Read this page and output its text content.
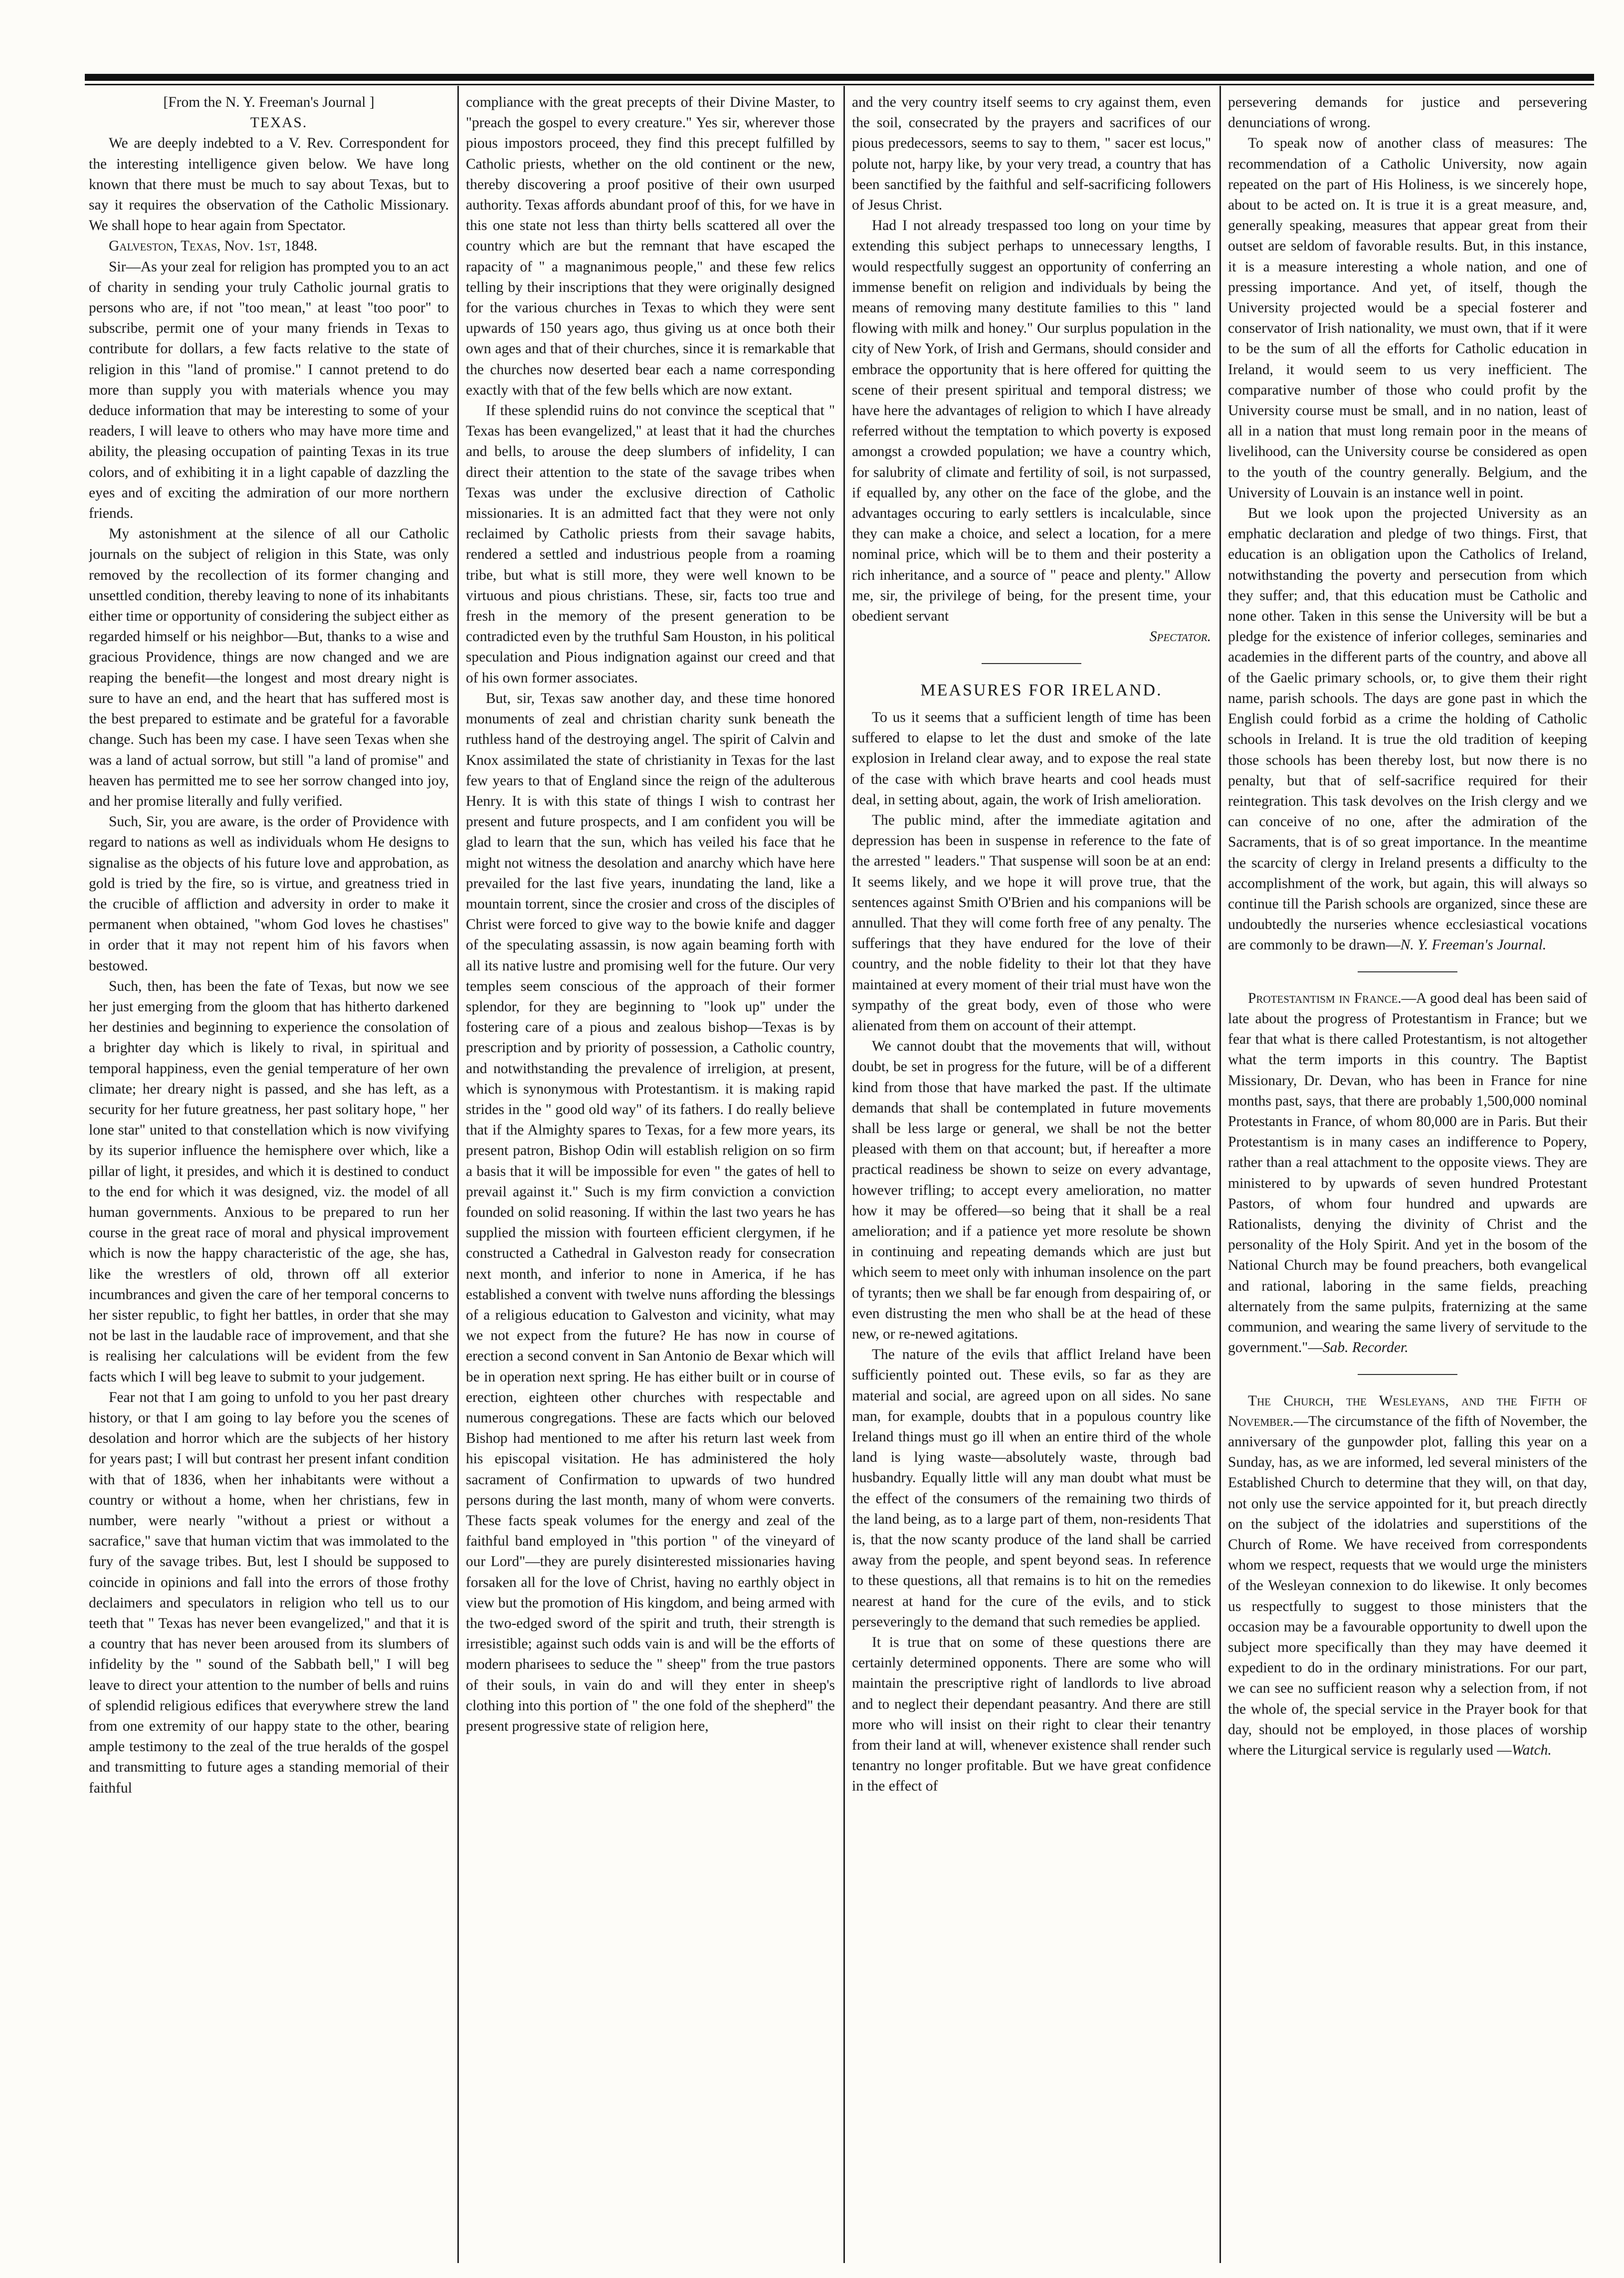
[From the N. Y. Freeman's Journal ]

TEXAS.

We are deeply indebted to a V. Rev. Correspondent for the interesting intelligence given below. We have long known that there must be much to say about Texas, but to say it requires the observation of the Catholic Missionary. We shall hope to hear again from Spectator.

Galveston, Texas, Nov. 1st, 1848.

Sir—As your zeal for religion has prompted you to an act of charity in sending your truly Catholic journal gratis to persons who are, if not "too mean," at least "too poor" to subscribe, permit one of your many friends in Texas to contribute for dollars, a few facts relative to the state of religion in this "land of promise." I cannot pretend to do more than supply you with materials whence you may deduce information that may be interesting to some of your readers, I will leave to others who may have more time and ability, the pleasing occupation of painting Texas in its true colors, and of exhibiting it in a light capable of dazzling the eyes and of exciting the admiration of our more northern friends.

My astonishment at the silence of all our Catholic journals on the subject of religion in this State, was only removed by the recollection of its former changing and unsettled condition, thereby leaving to none of its inhabitants either time or opportunity of considering the subject either as regarded himself or his neighbor—But, thanks to a wise and gracious Providence, things are now changed and we are reaping the benefit—the longest and most dreary night is sure to have an end, and the heart that has suffered most is the best prepared to estimate and be grateful for a favorable change. Such has been my case. I have seen Texas when she was a land of actual sorrow, but still "a land of promise" and heaven has permitted me to see her sorrow changed into joy, and her promise literally and fully verified.

Such, Sir, you are aware, is the order of Providence with regard to nations as well as individuals whom He designs to signalise as the objects of his future love and approbation, as gold is tried by the fire, so is virtue, and greatness tried in the crucible of affliction and adversity in order to make it permanent when obtained, "whom God loves he chastises" in order that it may not repent him of his favors when bestowed.

Such, then, has been the fate of Texas, but now we see her just emerging from the gloom that has hitherto darkened her destinies and beginning to experience the consolation of a brighter day which is likely to rival, in spiritual and temporal happiness, even the genial temperature of her own climate; her dreary night is passed, and she has left, as a security for her future greatness, her past solitary hope, " her lone star" united to that constellation which is now vivifying by its superior influence the hemisphere over which, like a pillar of light, it presides, and which it is destined to conduct to the end for which it was designed, viz. the model of all human governments. Anxious to be prepared to run her course in the great race of moral and physical improvement which is now the happy characteristic of the age, she has, like the wrestlers of old, thrown off all exterior incumbrances and given the care of her temporal concerns to her sister republic, to fight her battles, in order that she may not be last in the laudable race of improvement, and that she is realising her calculations will be evident from the few facts which I will beg leave to submit to your judgement.

Fear not that I am going to unfold to you her past dreary history, or that I am going to lay before you the scenes of desolation and horror which are the subjects of her history for years past; I will but contrast her present infant condition with that of 1836, when her inhabitants were without a country or without a home, when her christians, few in number, were nearly "without a priest or without a sacrafice," save that human victim that was immolated to the fury of the savage tribes. But, lest I should be supposed to coincide in opinions and fall into the errors of those frothy declaimers and speculators in religion who tell us to our teeth that " Texas has never been evangelized," and that it is a country that has never been aroused from its slumbers of infidelity by the " sound of the Sabbath bell," I will beg leave to direct your attention to the number of bells and ruins of splendid religious edifices that everywhere strew the land from one extremity of our happy state to the other, bearing ample testimony to the zeal of the true heralds of the gospel and transmitting to future ages a standing memorial of their faithful

compliance with the great precepts of their Divine Master, to "preach the gospel to every creature." Yes sir, wherever those pious impostors proceed, they find this precept fulfilled by Catholic priests, whether on the old continent or the new, thereby discovering a proof positive of their own usurped authority. Texas affords abundant proof of this, for we have in this one state not less than thirty bells scattered all over the country which are but the remnant that have escaped the rapacity of " a magnanimous people," and these few relics telling by their inscriptions that they were originally designed for the various churches in Texas to which they were sent upwards of 150 years ago, thus giving us at once both their own ages and that of their churches, since it is remarkable that the churches now deserted bear each a name corresponding exactly with that of the few bells which are now extant.

If these splendid ruins do not convince the sceptical that " Texas has been evangelized," at least that it had the churches and bells, to arouse the deep slumbers of infidelity, I can direct their attention to the state of the savage tribes when Texas was under the exclusive direction of Catholic missionaries. It is an admitted fact that they were not only reclaimed by Catholic priests from their savage habits, rendered a settled and industrious people from a roaming tribe, but what is still more, they were well known to be virtuous and pious christians. These, sir, facts too true and fresh in the memory of the present generation to be contradicted even by the truthful Sam Houston, in his political speculation and Pious indignation against our creed and that of his own former associates.

But, sir, Texas saw another day, and these time honored monuments of zeal and christian charity sunk beneath the ruthless hand of the destroying angel. The spirit of Calvin and Knox assimilated the state of christianity in Texas for the last few years to that of England since the reign of the adulterous Henry. It is with this state of things I wish to contrast her present and future prospects, and I am confident you will be glad to learn that the sun, which has veiled his face that he might not witness the desolation and anarchy which have here prevailed for the last five years, inundating the land, like a mountain torrent, since the crosier and cross of the disciples of Christ were forced to give way to the bowie knife and dagger of the speculating assassin, is now again beaming forth with all its native lustre and promising well for the future. Our very temples seem conscious of the approach of their former splendor, for they are beginning to "look up" under the fostering care of a pious and zealous bishop—Texas is by prescription and by priority of possession, a Catholic country, and notwithstanding the prevalence of irreligion, at present, which is synonymous with Protestantism. it is making rapid strides in the " good old way" of its fathers. I do really believe that if the Almighty spares to Texas, for a few more years, its present patron, Bishop Odin will establish religion on so firm a basis that it will be impossible for even " the gates of hell to prevail against it." Such is my firm conviction a conviction founded on solid reasoning. If within the last two years he has supplied the mission with fourteen efficient clergymen, if he constructed a Cathedral in Galveston ready for consecration next month, and inferior to none in America, if he has established a convent with twelve nuns affording the blessings of a religious education to Galveston and vicinity, what may we not expect from the future? He has now in course of erection a second convent in San Antonio de Bexar which will be in operation next spring. He has either built or in course of erection, eighteen other churches with respectable and numerous congregations. These are facts which our beloved Bishop had mentioned to me after his return last week from his episcopal visitation. He has administered the holy sacrament of Confirmation to upwards of two hundred persons during the last month, many of whom were converts. These facts speak volumes for the energy and zeal of the faithful band employed in "this portion " of the vineyard of our Lord"—they are purely disinterested missionaries having forsaken all for the love of Christ, having no earthly object in view but the promotion of His kingdom, and being armed with the two-edged sword of the spirit and truth, their strength is irresistible; against such odds vain is and will be the efforts of modern pharisees to seduce the " sheep" from the true pastors of their souls, in vain do and will they enter in sheep's clothing into this portion of " the one fold of the shepherd" the present progressive state of religion here,

and the very country itself seems to cry against them, even the soil, consecrated by the prayers and sacrifices of our pious predecessors, seems to say to them, " sacer est locus," polute not, harpy like, by your very tread, a country that has been sanctified by the faithful and self-sacrificing followers of Jesus Christ.

Had I not already trespassed too long on your time by extending this subject perhaps to unnecessary lengths, I would respectfully suggest an opportunity of conferring an immense benefit on religion and individuals by being the means of removing many destitute families to this " land flowing with milk and honey." Our surplus population in the city of New York, of Irish and Germans, should consider and embrace the opportunity that is here offered for quitting the scene of their present spiritual and temporal distress; we have here the advantages of religion to which I have already referred without the temptation to which poverty is exposed amongst a crowded population; we have a country which, for salubrity of climate and fertility of soil, is not surpassed, if equalled by, any other on the face of the globe, and the advantages occuring to early settlers is incalculable, since they can make a choice, and select a location, for a mere nominal price, which will be to them and their posterity a rich inheritance, and a source of " peace and plenty." Allow me, sir, the privilege of being, for the present time, your obedient servant

Spectator.

MEASURES FOR IRELAND.

To us it seems that a sufficient length of time has been suffered to elapse to let the dust and smoke of the late explosion in Ireland clear away, and to expose the real state of the case with which brave hearts and cool heads must deal, in setting about, again, the work of Irish amelioration.

The public mind, after the immediate agitation and depression has been in suspense in reference to the fate of the arrested " leaders." That suspense will soon be at an end: It seems likely, and we hope it will prove true, that the sentences against Smith O'Brien and his companions will be annulled. That they will come forth free of any penalty. The sufferings that they have endured for the love of their country, and the noble fidelity to their lot that they have maintained at every moment of their trial must have won the sympathy of the great body, even of those who were alienated from them on account of their attempt.

We cannot doubt that the movements that will, without doubt, be set in progress for the future, will be of a different kind from those that have marked the past. If the ultimate demands that shall be contemplated in future movements shall be less large or general, we shall be not the better pleased with them on that account; but, if hereafter a more practical readiness be shown to seize on every advantage, however trifling; to accept every amelioration, no matter how it may be offered—so being that it shall be a real amelioration; and if a patience yet more resolute be shown in continuing and repeating demands which are just but which seem to meet only with inhuman insolence on the part of tyrants; then we shall be far enough from despairing of, or even distrusting the men who shall be at the head of these new, or re-newed agitations.

The nature of the evils that afflict Ireland have been sufficiently pointed out. These evils, so far as they are material and social, are agreed upon on all sides. No sane man, for example, doubts that in a populous country like Ireland things must go ill when an entire third of the whole land is lying waste—absolutely waste, through bad husbandry. Equally little will any man doubt what must be the effect of the consumers of the remaining two thirds of the land being, as to a large part of them, non-residents That is, that the now scanty produce of the land shall be carried away from the people, and spent beyond seas. In reference to these questions, all that remains is to hit on the remedies nearest at hand for the cure of the evils, and to stick perseveringly to the demand that such remedies be applied.

It is true that on some of these questions there are certainly determined opponents. There are some who will maintain the prescriptive right of landlords to live abroad and to neglect their dependant peasantry. And there are still more who will insist on their right to clear their tenantry from their land at will, whenever existence shall render such tenantry no longer profitable. But we have great confidence in the effect of

persevering demands for justice and persevering denunciations of wrong.

To speak now of another class of measures: The recommendation of a Catholic University, now again repeated on the part of His Holiness, is we sincerely hope, about to be acted on. It is true it is a great measure, and, generally speaking, measures that appear great from their outset are seldom of favorable results. But, in this instance, it is a measure interesting a whole nation, and one of pressing importance. And yet, of itself, though the University projected would be a special fosterer and conservator of Irish nationality, we must own, that if it were to be the sum of all the efforts for Catholic education in Ireland, it would seem to us very inefficient. The comparative number of those who could profit by the University course must be small, and in no nation, least of all in a nation that must long remain poor in the means of livelihood, can the University course be considered as open to the youth of the country generally. Belgium, and the University of Louvain is an instance well in point.

But we look upon the projected University as an emphatic declaration and pledge of two things. First, that education is an obligation upon the Catholics of Ireland, notwithstanding the poverty and persecution from which they suffer; and, that this education must be Catholic and none other. Taken in this sense the University will be but a pledge for the existence of inferior colleges, seminaries and academies in the different parts of the country, and above all of the Gaelic primary schools, or, to give them their right name, parish schools. The days are gone past in which the English could forbid as a crime the holding of Catholic schools in Ireland. It is true the old tradition of keeping those schools has been thereby lost, but now there is no penalty, but that of self-sacrifice required for their reintegration. This task devolves on the Irish clergy and we can conceive of no one, after the admiration of the Sacraments, that is of so great importance. In the meantime the scarcity of clergy in Ireland presents a difficulty to the accomplishment of the work, but again, this will always so continue till the Parish schools are organized, since these are undoubtedly the nurseries whence ecclesiastical vocations are commonly to be drawn—N. Y. Freeman's Journal.

Protestantism in France.—A good deal has been said of late about the progress of Protestantism in France; but we fear that what is there called Protestantism, is not altogether what the term imports in this country. The Baptist Missionary, Dr. Devan, who has been in France for nine months past, says, that there are probably 1,500,000 nominal Protestants in France, of whom 80,000 are in Paris. But their Protestantism is in many cases an indifference to Popery, rather than a real attachment to the opposite views. They are ministered to by upwards of seven hundred Protestant Pastors, of whom four hundred and upwards are Rationalists, denying the divinity of Christ and the personality of the Holy Spirit. And yet in the bosom of the National Church may be found preachers, both evangelical and rational, laboring in the same fields, preaching alternately from the same pulpits, fraternizing at the same communion, and wearing the same livery of servitude to the government."—Sab. Recorder.

The Church, the Wesleyans, and the Fifth of November.—The circumstance of the fifth of November, the anniversary of the gunpowder plot, falling this year on a Sunday, has, as we are informed, led several ministers of the Established Church to determine that they will, on that day, not only use the service appointed for it, but preach directly on the subject of the idolatries and superstitions of the Church of Rome. We have received from correspondents whom we respect, requests that we would urge the ministers of the Wesleyan connexion to do likewise. It only becomes us respectfully to suggest to those ministers that the occasion may be a favourable opportunity to dwell upon the subject more specifically than they may have deemed it expedient to do in the ordinary ministrations. For our part, we can see no sufficient reason why a selection from, if not the whole of, the special service in the Prayer book for that day, should not be employed, in those places of worship where the Liturgical service is regularly used —Watch.
